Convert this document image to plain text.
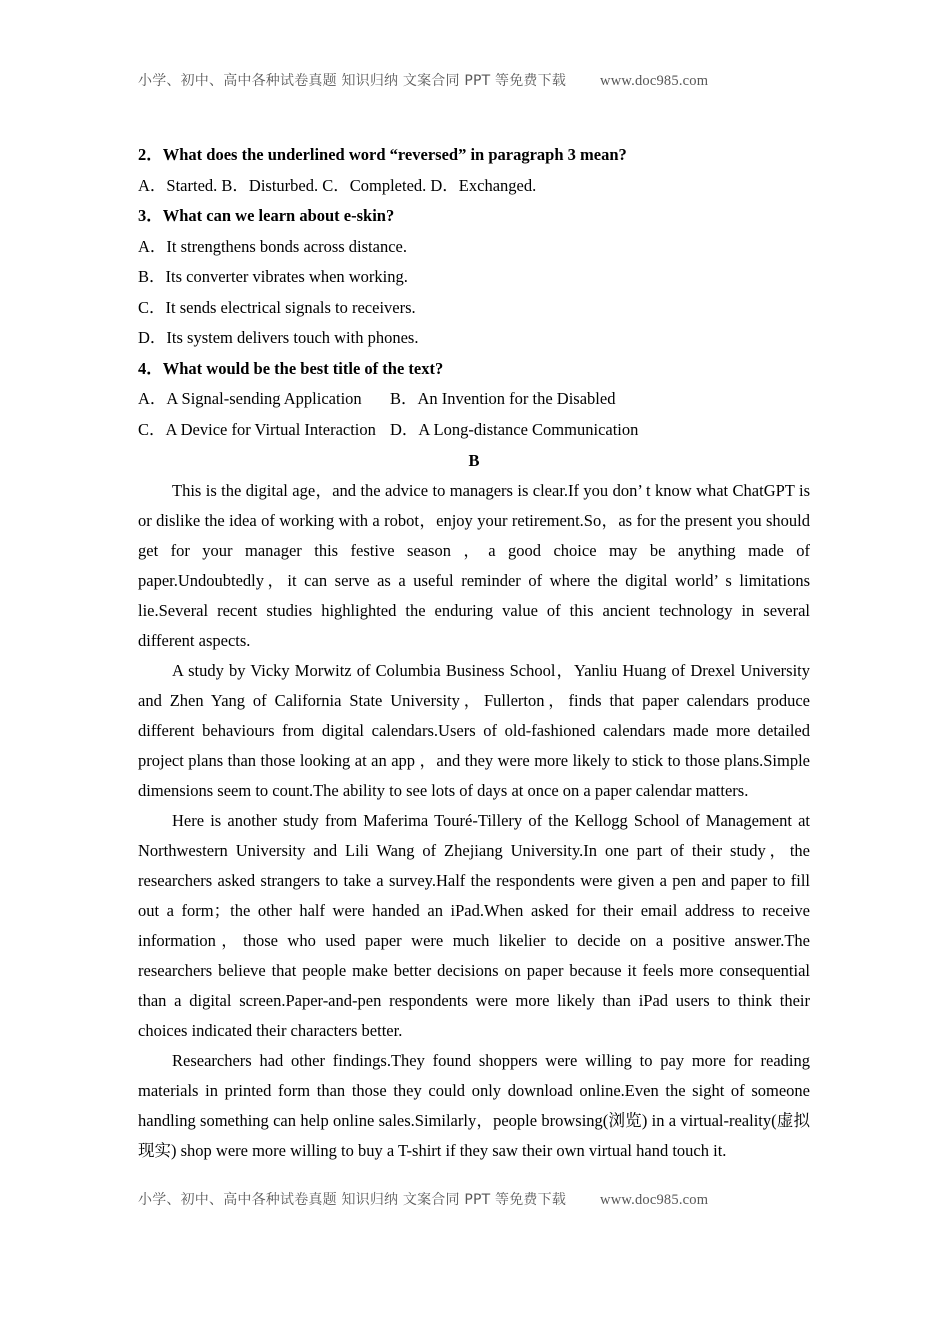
小学、初中、高中各种试卷真题 知识归纳 文案合同 PPT 等免费下载 www.doc985.com

2．What does the underlined word “reversed” in paragraph 3 mean?

A．Started. B．Disturbed. C．Completed. D．Exchanged.

3．What can we learn about e-skin?

A．It strengthens bonds across distance.

B．Its converter vibrates when working.

C．It sends electrical signals to receivers.

D．Its system delivers touch with phones.

4．What would be the best title of the text?

A．A Signal-sending Application	B．An Invention for the Disabled
C．A Device for Virtual Interaction D．A Long-distance Communication

B

This is the digital age，and the advice to managers is clear.If you don’ t know what ChatGPT is or dislike the idea of working with a robot，enjoy your retirement.So，as for the present you should get for your manager this festive season ，a good choice may be anything made of paper.Undoubtedly，it can serve as a useful reminder of where the digital world’ s limitations lie.Several recent studies highlighted the enduring value of this ancient technology in several different aspects.

A study by Vicky Morwitz of Columbia Business School，Yanliu Huang of Drexel University and Zhen Yang of California State University，Fullerton，finds that paper calendars produce different behaviours from digital calendars.Users of old-fashioned calendars made more detailed project plans than those looking at an app ，and they were more likely to stick to those plans.Simple dimensions seem to count.The ability to see lots of days at once on a paper calendar matters.

Here is another study from Maferima Touré-Tillery of the Kellogg School of Management at Northwestern University and Lili Wang of Zhejiang University.In one part of their study，the researchers asked strangers to take a survey.Half the respondents were given a pen and paper to fill out a form；the other half were handed an iPad.When asked for their email address to receive information，those who used paper were much likelier to decide on a positive answer.The researchers believe that people make better decisions on paper because it feels more consequential than a digital screen.Paper-and-pen respondents were more likely than iPad users to think their choices indicated their characters better.

Researchers had other findings.They found shoppers were willing to pay more for reading materials in printed form than those they could only download online.Even the sight of someone handling something can help online sales.Similarly，people browsing(浏览) in a virtual-reality(虚拟现实) shop were more willing to buy a T-shirt if they saw their own virtual hand touch it.

小学、初中、高中各种试卷真题 知识归纳 文案合同 PPT 等免费下载 www.doc985.com
